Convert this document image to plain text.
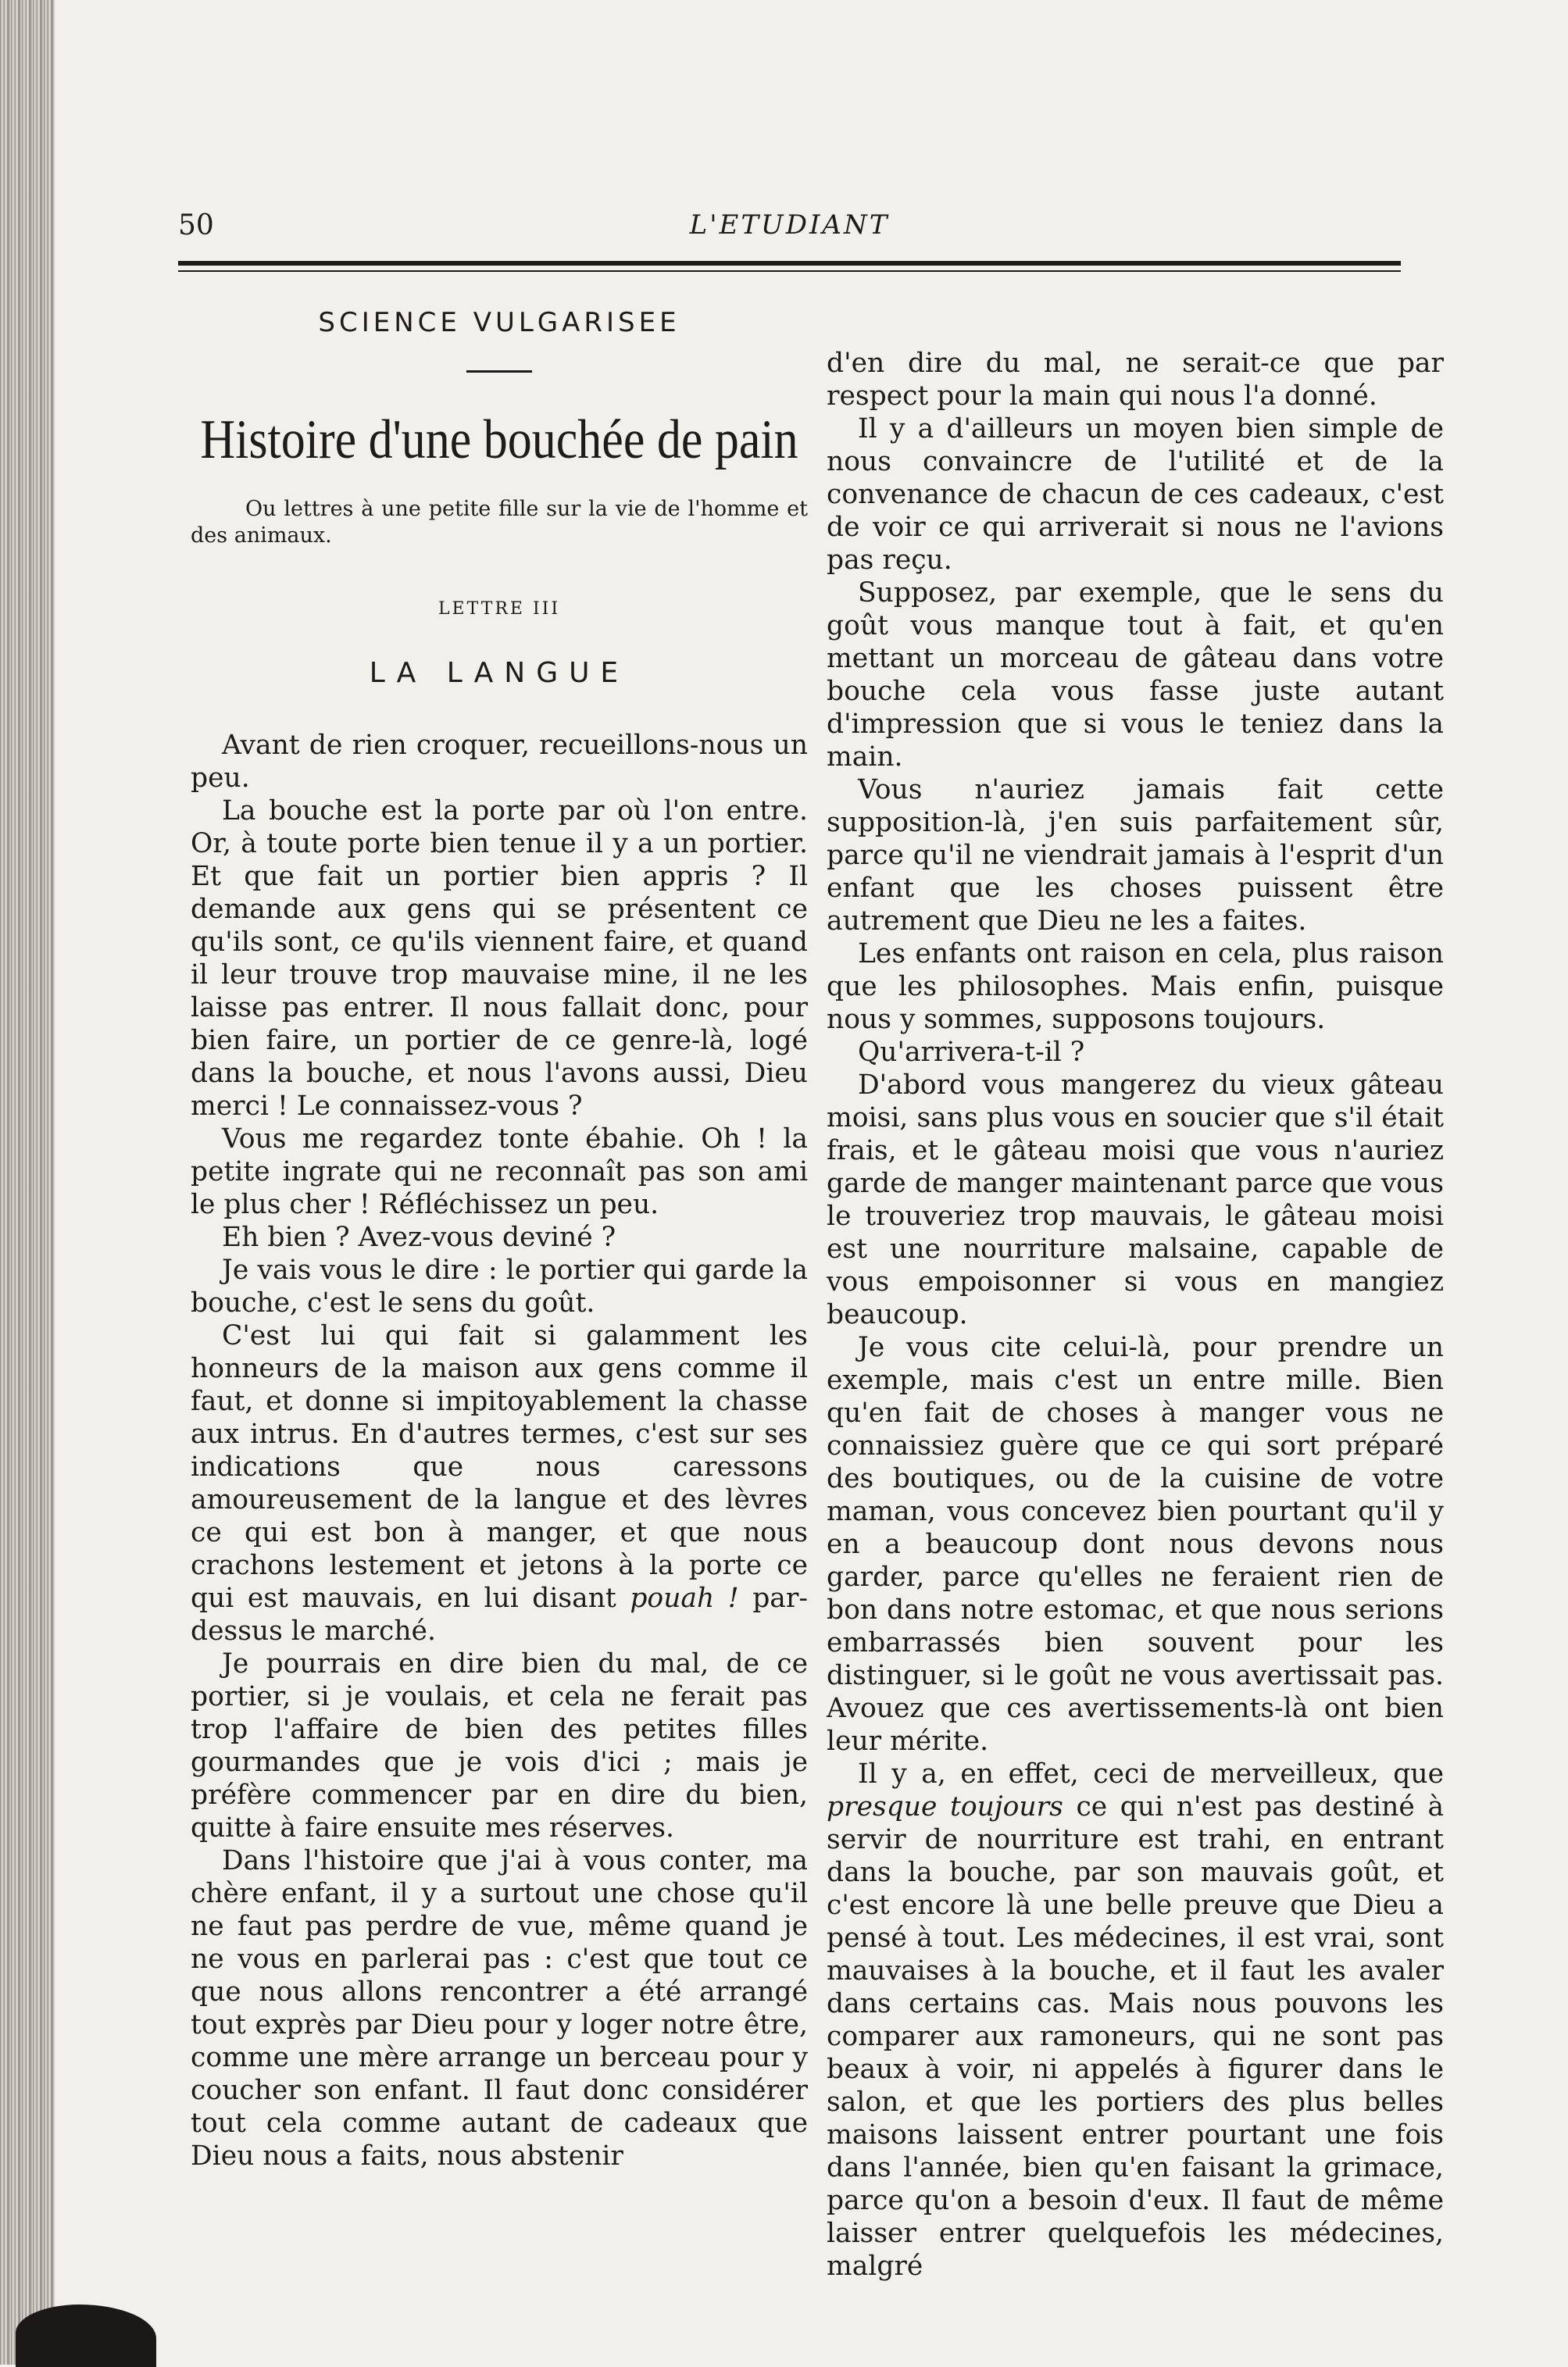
50	L'ETUDIANT
SCIENCE VULGARISEE
Histoire d'une bouchée de pain
Ou lettres à une petite fille sur la vie de l'homme et des animaux.
LETTRE III
LA LANGUE

Avant de rien croquer, recueillons-nous un peu.

La bouche est la porte par où l'on entre. Or, à toute porte bien tenue il y a un portier. Et que fait un portier bien appris ? Il demande aux gens qui se présentent ce qu'ils sont, ce qu'ils viennent faire, et quand il leur trouve trop mauvaise mine, il ne les laisse pas entrer. Il nous fallait donc, pour bien faire, un portier de ce genre-là, logé dans la bouche, et nous l'avons aussi, Dieu merci ! Le connaissez-vous ?

Vous me regardez tonte ébahie. Oh ! la petite ingrate qui ne reconnaît pas son ami le plus cher ! Réfléchissez un peu.

Eh bien ? Avez-vous deviné ?

Je vais vous le dire : le portier qui garde la bouche, c'est le sens du goût.

C'est lui qui fait si galamment les honneurs de la maison aux gens comme il faut, et donne si impitoyablement la chasse aux intrus. En d'autres termes, c'est sur ses indications que nous caressons amoureusement de la langue et des lèvres ce qui est bon à manger, et que nous crachons lestement et jetons à la porte ce qui est mauvais, en lui disant pouah ! par-dessus le marché.

Je pourrais en dire bien du mal, de ce portier, si je voulais, et cela ne ferait pas trop l'affaire de bien des petites filles gourmandes que je vois d'ici ; mais je préfère commencer par en dire du bien, quitte à faire ensuite mes réserves.

Dans l'histoire que j'ai à vous conter, ma chère enfant, il y a surtout une chose qu'il ne faut pas perdre de vue, même quand je ne vous en parlerai pas : c'est que tout ce que nous allons rencontrer a été arrangé tout exprès par Dieu pour y loger notre être, comme une mère arrange un berceau pour y coucher son enfant. Il faut donc considérer tout cela comme autant de cadeaux que Dieu nous a faits, nous abstenir

d'en dire du mal, ne serait-ce que par respect pour la main qui nous l'a donné.

Il y a d'ailleurs un moyen bien simple de nous convaincre de l'utilité et de la convenance de chacun de ces cadeaux, c'est de voir ce qui arriverait si nous ne l'avions pas reçu.

Supposez, par exemple, que le sens du goût vous manque tout à fait, et qu'en mettant un morceau de gâteau dans votre bouche cela vous fasse juste autant d'impression que si vous le teniez dans la main.

Vous n'auriez jamais fait cette supposition-là, j'en suis parfaitement sûr, parce qu'il ne viendrait jamais à l'esprit d'un enfant que les choses puissent être autrement que Dieu ne les a faites.

Les enfants ont raison en cela, plus raison que les philosophes. Mais enfin, puisque nous y sommes, supposons toujours.

Qu'arrivera-t-il ?

D'abord vous mangerez du vieux gâteau moisi, sans plus vous en soucier que s'il était frais, et le gâteau moisi que vous n'auriez garde de manger maintenant parce que vous le trouveriez trop mauvais, le gâteau moisi est une nourriture malsaine, capable de vous empoisonner si vous en mangiez beaucoup.

Je vous cite celui-là, pour prendre un exemple, mais c'est un entre mille. Bien qu'en fait de choses à manger vous ne connaissiez guère que ce qui sort préparé des boutiques, ou de la cuisine de votre maman, vous concevez bien pourtant qu'il y en a beaucoup dont nous devons nous garder, parce qu'elles ne feraient rien de bon dans notre estomac, et que nous serions embarrassés bien souvent pour les distinguer, si le goût ne vous avertissait pas. Avouez que ces avertissements-là ont bien leur mérite.

Il y a, en effet, ceci de merveilleux, que presque toujours ce qui n'est pas destiné à servir de nourriture est trahi, en entrant dans la bouche, par son mauvais goût, et c'est encore là une belle preuve que Dieu a pensé à tout. Les médecines, il est vrai, sont mauvaises à la bouche, et il faut les avaler dans certains cas. Mais nous pouvons les comparer aux ramoneurs, qui ne sont pas beaux à voir, ni appelés à figurer dans le salon, et que les portiers des plus belles maisons laissent entrer pourtant une fois dans l'année, bien qu'en faisant la grimace, parce qu'on a besoin d'eux. Il faut de même laisser entrer quelquefois les médecines, malgré
